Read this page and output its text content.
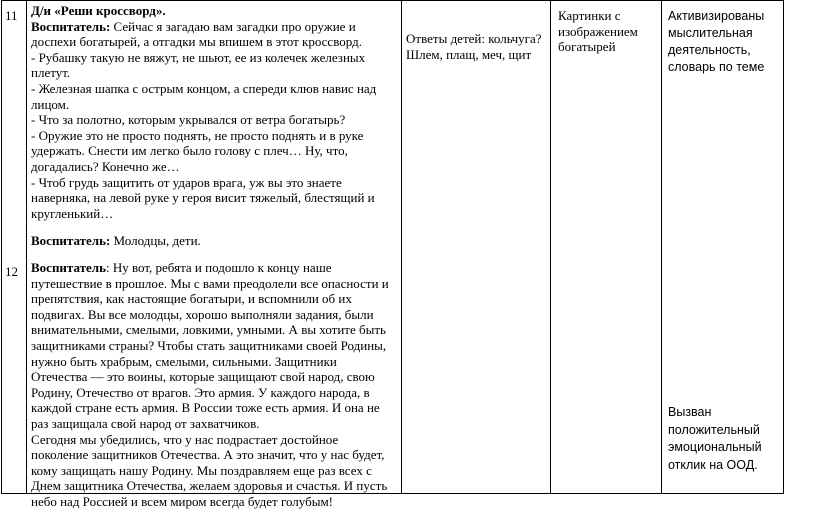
11
12

Д/и «Реши кроссворд».

Воспитатель: Сейчас я загадаю вам загадки про оружие и доспехи богатырей, а отгадки мы впишем в этот кроссворд.

- Рубашку такую не вяжут, не шьют, ее из колечек железных плетут.

- Железная шапка с острым концом, а спереди клюв навис над лицом.

- Что за полотно, которым укрывался от ветра богатырь?

- Оружие это не просто поднять, не просто поднять и в руке удержать. Снести им легко было голову с плеч… Ну, что, догадались? Конечно же…

- Чтоб грудь защитить от ударов врага, уж вы это знаете наверняка, на левой руке у героя висит тяжелый, блестящий и кругленький…

Воспитатель: Молодцы, дети.

Ответы детей: кольчуга? Шлем, плащ, меч, щит
Картинки с изображением богатырей
Активизированы мыслительная деятельность, словарь по теме

Воспитатель: Ну вот, ребята и подошло к концу наше путешествие в прошлое. Мы с вами преодолели все опасности и препятствия, как настоящие богатыри, и вспомнили об их подвигах. Вы все молодцы, хорошо выполняли задания, были внимательными, смелыми, ловкими, умными. А вы хотите быть защитниками страны? Чтобы стать защитниками своей Родины, нужно быть храбрым, смелыми, сильными. Защитники Отечества — это воины, которые защищают свой народ, свою Родину, Отечество от врагов. Это армия. У каждого народа, в каждой стране есть армия. В России тоже есть армия. И она не раз защищала свой народ от захватчиков.

Сегодня мы убедились, что у нас подрастает достойное поколение защитников Отечества. А это значит, что у нас будет, кому защищать нашу Родину. Мы поздравляем еще раз всех с Днем защитника Отечества, желаем здоровья и счастья. И пусть небо над Россией и всем миром всегда будет голубым!

Вызван положительный эмоциональный отклик на ООД.
